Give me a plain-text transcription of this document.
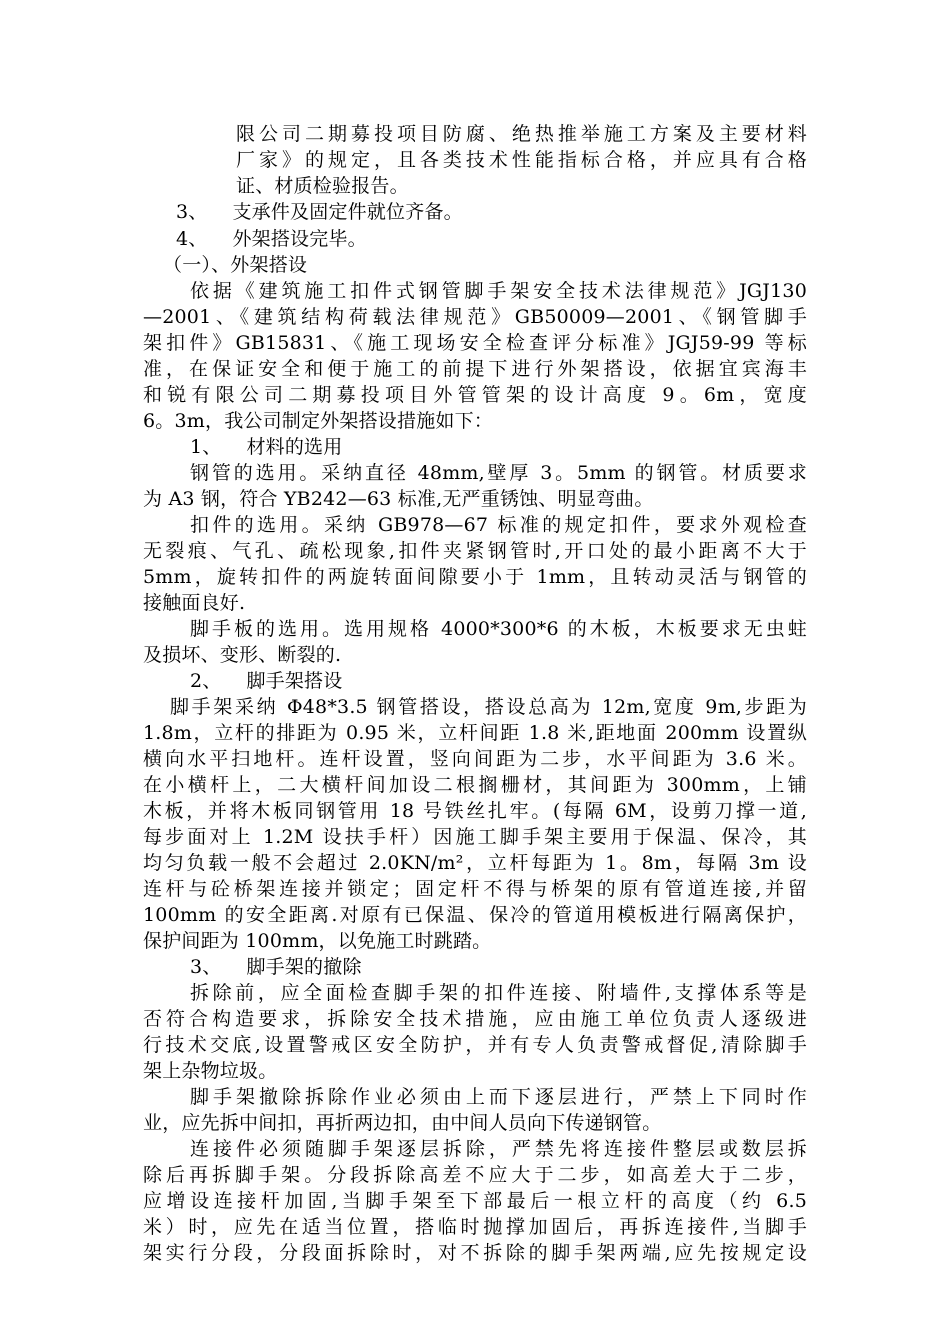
限公司二期募投项目防腐、绝热推举施工方案及主要材料

厂家》的规定，且各类技术性能指标合格，并应具有合格

证、材质检验报告。

3、    支承件及固定件就位齐备。

4、    外架搭设完毕。

（一）、外架搭设

依据《建筑施工扣件式钢管脚手架安全技术法律规范》JGJ130

—2001、《建筑结构荷载法律规范》GB50009—2001、《钢管脚手

架扣件》GB15831、《施工现场安全检查评分标准》JGJ59-99 等标

准，在保证安全和便于施工的前提下进行外架搭设，依据宜宾海丰

和锐有限公司二期募投项目外管管架的设计高度 9。6m，宽度

6。3m，我公司制定外架搭设措施如下：

1、    材料的选用

钢管的选用。采纳直径 48mm,壁厚 3。5mm 的钢管。材质要求

为 A3 钢，符合 YB242—63 标准,无严重锈蚀、明显弯曲。

扣件的选用。采纳 GB978—67 标准的规定扣件，要求外观检查

无裂痕、气孔、疏松现象,扣件夹紧钢管时,开口处的最小距离不大于

5mm，旋转扣件的两旋转面间隙要小于 1mm，且转动灵活与钢管的

接触面良好.

脚手板的选用。选用规格 4000*300*6 的木板，木板要求无虫蛀

及损坏、变形、断裂的.

2、    脚手架搭设

脚手架采纳 Φ48*3.5 钢管搭设，搭设总高为 12m,宽度 9m,步距为

1.8m，立杆的排距为 0.95 米，立杆间距 1.8 米,距地面 200mm 设置纵

横向水平扫地杆。连杆设置，竖向间距为二步，水平间距为 3.6 米。

在小横杆上，二大横杆间加设二根搁栅材，其间距为 300mm，上铺

木板，并将木板同钢管用 18 号铁丝扎牢。(每隔 6M，设剪刀撑一道,

每步面对上 1.2M 设扶手杆）因施工脚手架主要用于保温、保冷，其

均匀负载一般不会超过 2.0KN/m²，立杆每距为 1。8m，每隔 3m 设

连杆与砼桥架连接并锁定；固定杆不得与桥架的原有管道连接,并留

100mm 的安全距离.对原有已保温、保冷的管道用模板进行隔离保护，

保护间距为 100mm，以免施工时跳踏。

3、    脚手架的撤除

拆除前，应全面检查脚手架的扣件连接、附墙件,支撑体系等是

否符合构造要求，拆除安全技术措施，应由施工单位负责人逐级进

行技术交底,设置警戒区安全防护，并有专人负责警戒督促,清除脚手

架上杂物垃圾。

脚手架撤除拆除作业必须由上而下逐层进行，严禁上下同时作

业，应先拆中间扣，再折两边扣，由中间人员向下传递钢管。

连接件必须随脚手架逐层拆除，严禁先将连接件整层或数层拆

除后再拆脚手架。分段拆除高差不应大于二步，如高差大于二步，

应增设连接杆加固,当脚手架至下部最后一根立杆的高度（约 6.5

米）时，应先在适当位置，搭临时抛撑加固后，再拆连接件,当脚手

架实行分段，分段面拆除时，对不拆除的脚手架两端,应先按规定设
